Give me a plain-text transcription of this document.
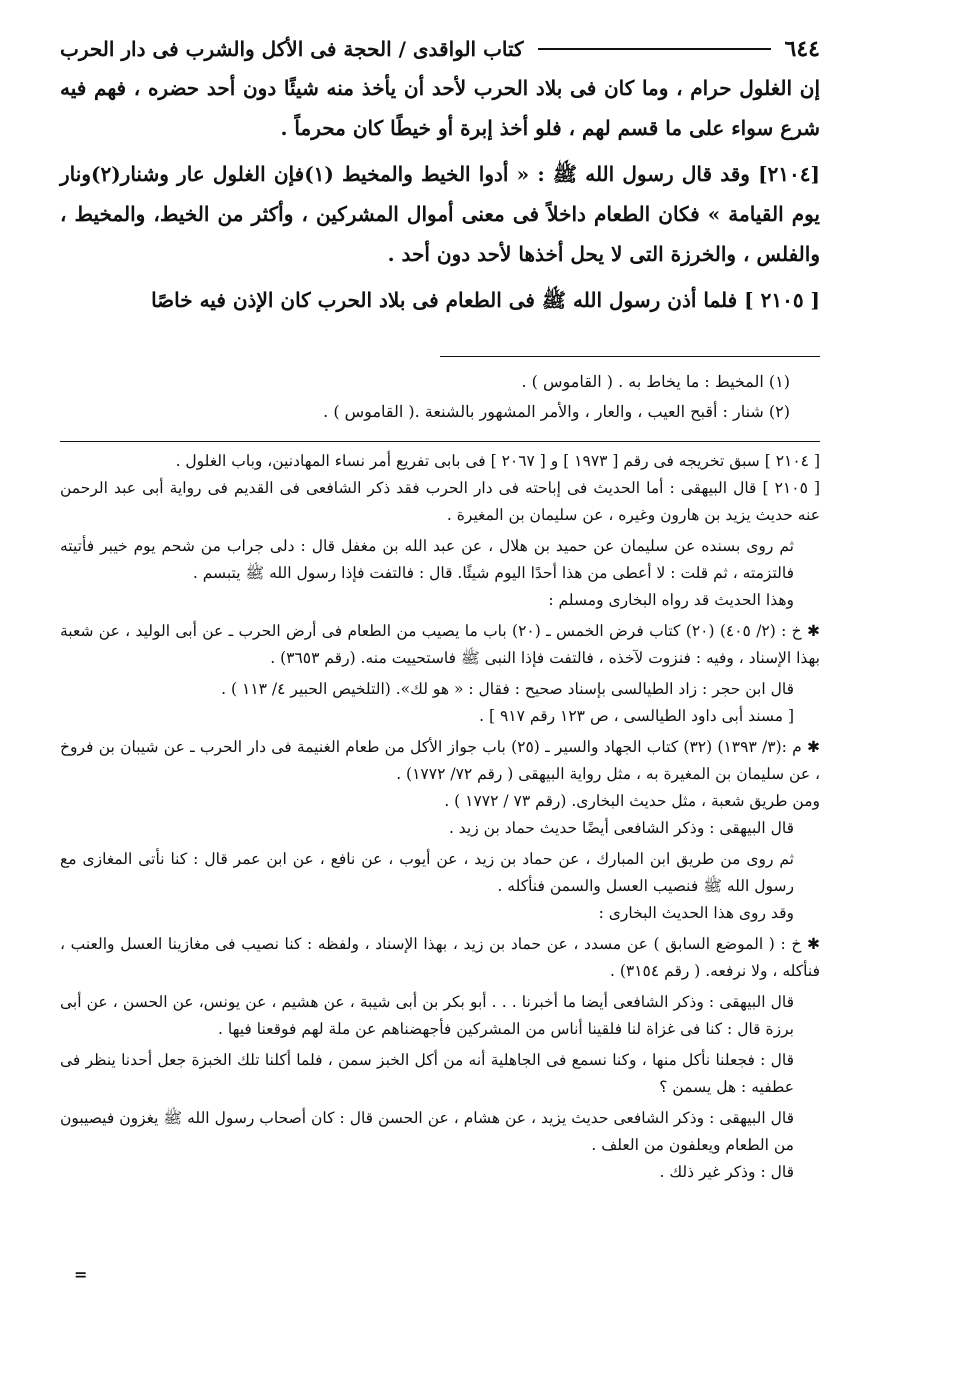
٦٤٤
كتاب الواقدى / الحجة فى الأكل والشرب فى دار الحرب

إن الغلول حرام ، وما كان فى بلاد الحرب لأحد أن يأخذ منه شيئًا دون أحد حضره ، فهم فيه شرع سواء على ما قسم لهم ، فلو أخذ إبرة أو خيطًا كان محرماً .

[٢١٠٤] وقد قال رسول الله ﷺ : « أدوا الخيط والمخيط (١)فإن الغلول عار وشنار(٢)ونار يوم القيامة » فكان الطعام داخلاً فى معنى أموال المشركين ، وأكثر من الخيط، والمخيط ، والفلس ، والخرزة التى لا يحل أخذها لأحد دون أحد .

[ ٢١٠٥ ] فلما أذن رسول الله ﷺ فى الطعام فى بلاد الحرب كان الإذن فيه خاصًا

(١) المخيط : ما يخاط به . ( القاموس ) .

(٢) شنار : أقبح العيب ، والعار ، والأمر المشهور بالشنعة .( القاموس ) .

[ ٢١٠٤ ] سبق تخريجه فى رقم [ ١٩٧٣ ] و [ ٢٠٦٧ ] فى بابى تفريع أمر نساء المهادنين، وباب الغلول .

[ ٢١٠٥ ] قال البيهقى : أما الحديث فى إباحته فى دار الحرب فقد ذكر الشافعى فى القديم فى رواية أبى عبد الرحمن عنه حديث يزيد بن هارون وغيره ، عن سليمان بن المغيرة .

ثم روى بسنده عن سليمان عن حميد بن هلال ، عن عبد الله بن مغفل قال : دلى جراب من شحم يوم خيبر فأتيته فالتزمته ، ثم قلت : لا أعطى من هذا أحدًا اليوم شيئًا. قال : فالتفت فإذا رسول الله ﷺ يتبسم .

وهذا الحديث قد رواه البخارى ومسلم :

✱ خ : (٢/ ٤٠٥) (٢٠) كتاب فرض الخمس ـ (٢٠) باب ما يصيب من الطعام فى أرض الحرب ـ عن أبى الوليد ، عن شعبة بهذا الإسناد ، وفيه : فنزوت لآخذه ، فالتفت فإذا النبى ﷺ فاستحييت منه. (رقم ٣٦٥٣) .

قال ابن حجر : زاد الطيالسى بإسناد صحيح : فقال : « هو لك». (التلخيص الحبير ٤/ ١١٣ ) .

[ مسند أبى داود الطيالسى ، ص ١٢٣ رقم ٩١٧ ] .

✱ م :(٣/ ١٣٩٣) (٣٢) كتاب الجهاد والسير ـ (٢٥) باب جواز الأكل من طعام الغنيمة فى دار الحرب ـ عن شيبان بن فروخ ، عن سليمان بن المغيرة به ، مثل رواية البيهقى ( رقم ٧٢/ ١٧٧٢) .

ومن طريق شعبة ، مثل حديث البخارى. (رقم ٧٣ / ١٧٧٢ ) .

قال البيهقى : وذكر الشافعى أيضًا حديث حماد بن زيد .

ثم روى من طريق ابن المبارك ، عن حماد بن زيد ، عن أيوب ، عن نافع ، عن ابن عمر قال : كنا نأتى المغازى مع رسول الله ﷺ فنصيب العسل والسمن فنأكله .

وقد روى هذا الحديث البخارى :

✱ خ : ( الموضع السابق ) عن مسدد ، عن حماد بن زيد ، بهذا الإسناد ، ولفظه : كنا نصيب فى مغازينا العسل والعنب ، فنأكله ، ولا نرفعه. ( رقم ٣١٥٤) .

قال البيهقى : وذكر الشافعى أيضا ما أخبرنا . . . أبو بكر بن أبى شيبة ، عن هشيم ، عن يونس، عن الحسن ، عن أبى برزة قال : كنا فى غزاة لنا فلقينا أناس من المشركين فأجهضناهم عن ملة لهم فوقعنا فيها .

قال : فجعلنا نأكل منها ، وكنا نسمع فى الجاهلية أنه من أكل الخبز سمن ، فلما أكلنا تلك الخبزة جعل أحدنا ينظر فى عطفيه : هل يسمن ؟

قال البيهقى : وذكر الشافعى حديث يزيد ، عن هشام ، عن الحسن قال : كان أصحاب رسول الله ﷺ يغزون فيصيبون من الطعام ويعلفون من العلف .

قال : وذكر غير ذلك .

=
